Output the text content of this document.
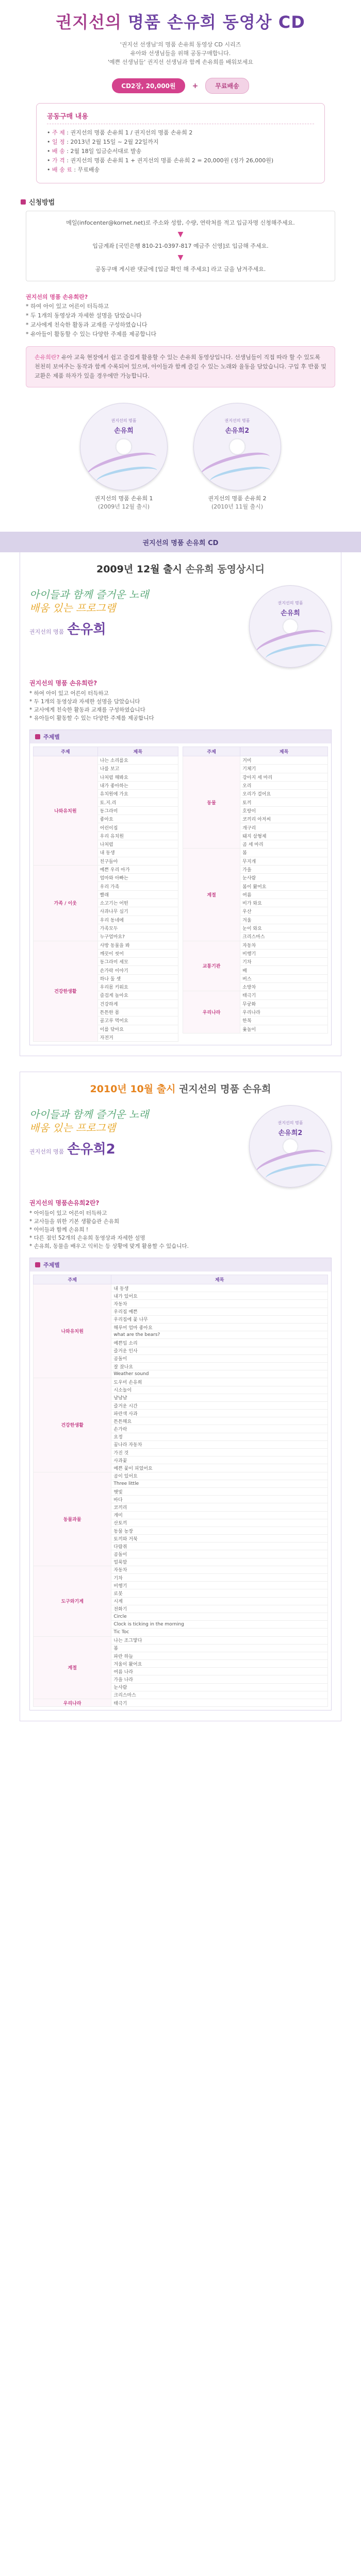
권지선의 명품 손유희 동영상 CD
'권지선 선생님'의 명품 손유희 동영상 CD 시리즈
유아와 선생님들을 위해 공동구매합니다.
'예쁜 선생님들' 권지선 선생님과 함께 손유희를 배워보세요
CD2장, 20,000원	+	무료배송
공동구매 내용
• 주 제 : 권지선의 명품 손유희 1 / 권지선의 명품 손유희 2
• 일 정 : 2013년 2월 15일 ~ 2월 22일까지
• 배 송 : 2월 18일 입금순서대로 발송
• 가 격 : 권지선의 명품 손유희 1 + 권지선의 명품 손유희 2 = 20,000원 (정가 26,000원)
• 배 송 료 : 무료배송
신청방법
메일(infocenter@kornet.net)로 주소와 성함, 수량, 연락처를 적고 입금자명 신청해주세요.
▼
입금계좌 [국민은행 810-21-0397-817 예금주 신영]로 입금해 주세요.
▼
공동구매 게시판 댓글에 [입금 확인 해 주세요] 라고 글을 남겨주세요.
권지선의 명품 손유희란?
* 하여 아이 있고 어른이 터득하고
* 두 1개의 동영상과 자세한 설명을 담았습니다
* 교사에게 친숙한 활동과 교재를 구성하였습니다
* 유아들이 활동할 수 있는 다양한 주제를 제공합니다
손유희란? 유아 교육 현장에서 쉽고 즐겁게 활용할 수 있는 손유희 동영상입니다. 선생님들이 직접 따라 할 수 있도록 천천히 보여주는 동작과 함께 수록되어 있으며, 아이들과 함께 즐길 수 있는 노래와 율동을 담았습니다. 구입 후 반품 및 교환은 제품 하자가 있을 경우에만 가능합니다.
권지선의 명품
손유희
권지선의 명품 손유희 1
(2009년 12월 출시)
권지선의 명품
손유희2
권지선의 명품 손유희 2
(2010년 11월 출시)
권지선의 명품 손유희 CD
2009년 12월 출시 손유희 동영상시디
아이들과 함께 즐거운 노래
배움 있는 프로그램
권지선의 명품 손유희
권지선의 명품
손유희
권지선의 명품 손유희란?
* 하여 아이 있고 어른이 터득하고
* 두 1개의 동영상과 자세한 설명을 담았습니다
* 교사에게 친숙한 활동과 교재를 구성하였습니다
* 유아들이 활동할 수 있는 다양한 주제를 제공합니다
주제별
주제	제목
나와유치원	나는 소리를요
	나를 보고
	나처럼 해봐요
	내가 좋아하는
	유치원에 가요
	토.지.리
	동그라미
	좋아요
	어린이집
	우리 유치원
	나처럼
	내 동생
	친구들아
가족 / 이웃	예쁜 우리 아가
	엄마와 아빠는
	우리 가족
	빨래
	소고기는 어떤
	사과나무 심기
	우리 동네에
	가족모두
	누구엄마요?
건강한생활	사방 동물을 봐
	깨끗이 씻어
	동그라미 세모
	손가락 이야기
	하나 둘 셋
	우리몸 키워요
	즐겁게 놀아요
	건강하게
	튼튼한 몸
	골고루 먹어요
	이를 닦아요
	자전거
주제	제목
동물	거미
	기체기
	강아지 세 마리
	오리
	오리가 걸어요
	토끼
	호랑이
	코끼리 아저씨
	개구리
	돼지 삼형제
	곰 세 마리
계절	봄
	무지개
	가을
	눈사람
	봄이 왔어요
	여름
	비가 와요
	우산
	겨울
	눈이 와요
	크리스마스
교통기관	자동차
	비행기
	기차
	배
	버스
	소방차
우리나라	태극기
	무궁화
	우리나라
	한복
	윷놀이
2010년 10월 출시 권지선의 명품 손유희
아이들과 함께 즐거운 노래
배움 있는 프로그램
권지선의 명품 손유희2
권지선의 명품
손유희2
권지선의 명품손유희2란?
* 아이들이 있고 어른이 터득하고
* 교사들을 위한 기본 생활습관 손유희
* 아이들과 함께 손유희 !
* 다른 점인 52개의 손유희 동영상과 자세한 설명
* 손유희, 동물을 배우고 익히는 등 상황에 맞게 활용할 수 있습니다.
주제별
주제	제목
나와유치원	내 동생
	내가 있어요
	자동차
	우리집 예쁜
	우리집에 꽃 나무
	해루어 엄마 좋아요
	what are the bears?
	예쁜입 소리
	즐거운 인사
	곰돌이
	잘 잤나요
	Weather sound
건강한생활	도우미 손유희
	시소놀이
	냠냠냠
	즐거운 시간
	파란색 사과
	튼튼해요
	손가락
	요정
	꿈나라 자동차
	가진 것
	사과꽃
	예쁜 꽃이 피었어요
동물과물	곰이 있어요
	Three little
	햇빛
	바다
	코끼리
	개미
	산토끼
	동물 농장
	토끼와 거북
	다람쥐
	곰돌이
	얼룩말
도구와기계	자동차
	기차
	비행기
	로봇
	시계
	전화기
	Circle
	Clock is ticking in the morning
	Tic Toc
계절	나는 조그맣다
	봄
	파란 하늘
	겨울이 왔어요
	여름 나라
	가을 나라
	눈사람
	크리스마스
우리나라	태극기
